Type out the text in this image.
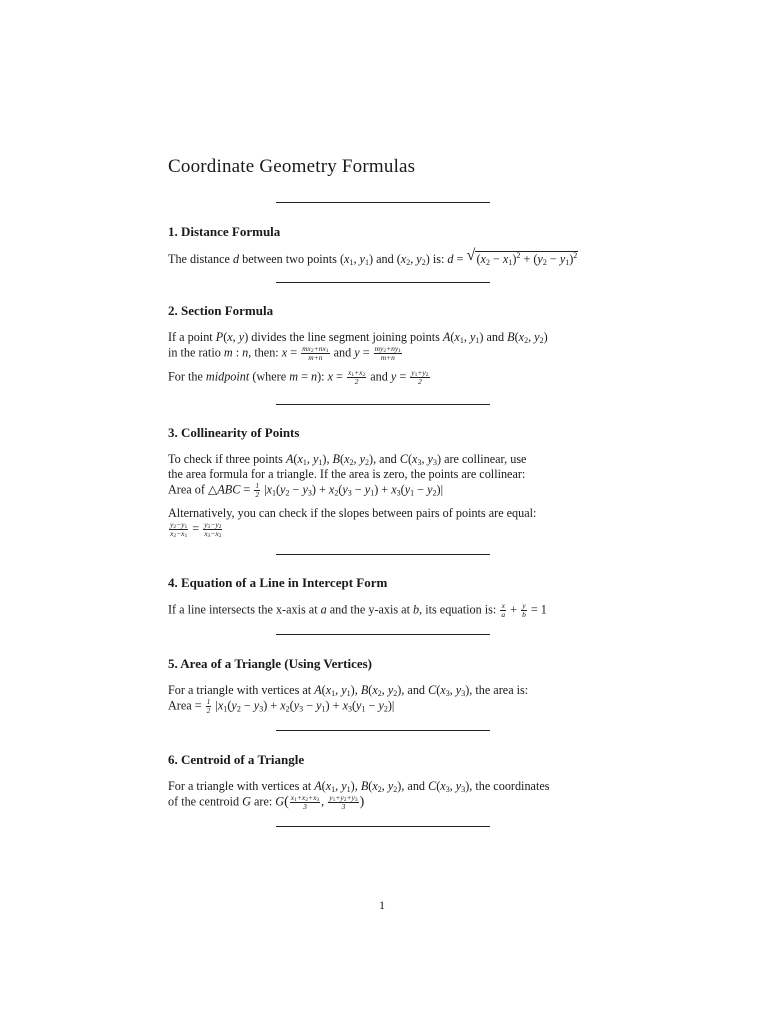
Coordinate Geometry Formulas

1. Distance Formula

The distance d between two points ($x_1$, $y_1$) and ($x_2$, $y_2$) is: d = √ $(x_2 - x_1)^2 + (y_2 - y_1)^2$

2. Section Formula

If a point P(x, y) divides the line segment joining points $A(x_1$, $y_1$) and $B(x_2$, $y_2$)
in the ratio m : n, then: $x = \frac{mx_2+nx_1}{m+n}$ and $y = \frac{my_2+ny_1}{m+n}$

For the midpoint (where m = n): $x = \frac{x_1+x_2}{2}$ and $y = \frac{y_1+y_2}{2}$

3. Collinearity of Points

To check if three points $A(x_1$, $y_1$), $B(x_2$, $y_2$), and $C(x_3$, $y_3$) are collinear, use
the area formula for a triangle. If the area is zero, the points are collinear:
Area of △ABC = $\frac{1}{2} |x_1(y_2 - y_3) + x_2(y_3 - y_1) + x_3(y_1 - y_2)|$

Alternatively, you can check if the slopes between pairs of points are equal:

$\frac{y_2-y_1}{x_2-x_1} = \frac{y_3-y_2}{x_3-x_2}$

4. Equation of a Line in Intercept Form

If a line intersects the x-axis at a and the y-axis at b, its equation is: $\frac{x}{a} + \frac{y}{b} = 1$

5. Area of a Triangle (Using Vertices)

For a triangle with vertices at $A(x_1$, $y_1$), $B(x_2$, $y_2$), and $C(x_3$, $y_3$), the area is:
Area = $\frac{1}{2} |x_1(y_2 - y_3) + x_2(y_3 - y_1) + x_3(y_1 - y_2)|$

6. Centroid of a Triangle

For a triangle with vertices at $A(x_1$, $y_1$), $B(x_2$, $y_2$), and $C(x_3$, $y_3$), the coordinates
of the centroid G are: $G( \frac{x_1+x_2+x_3}{3}$ , $\frac{y_1+y_2+y_3}{3}$ )

1
